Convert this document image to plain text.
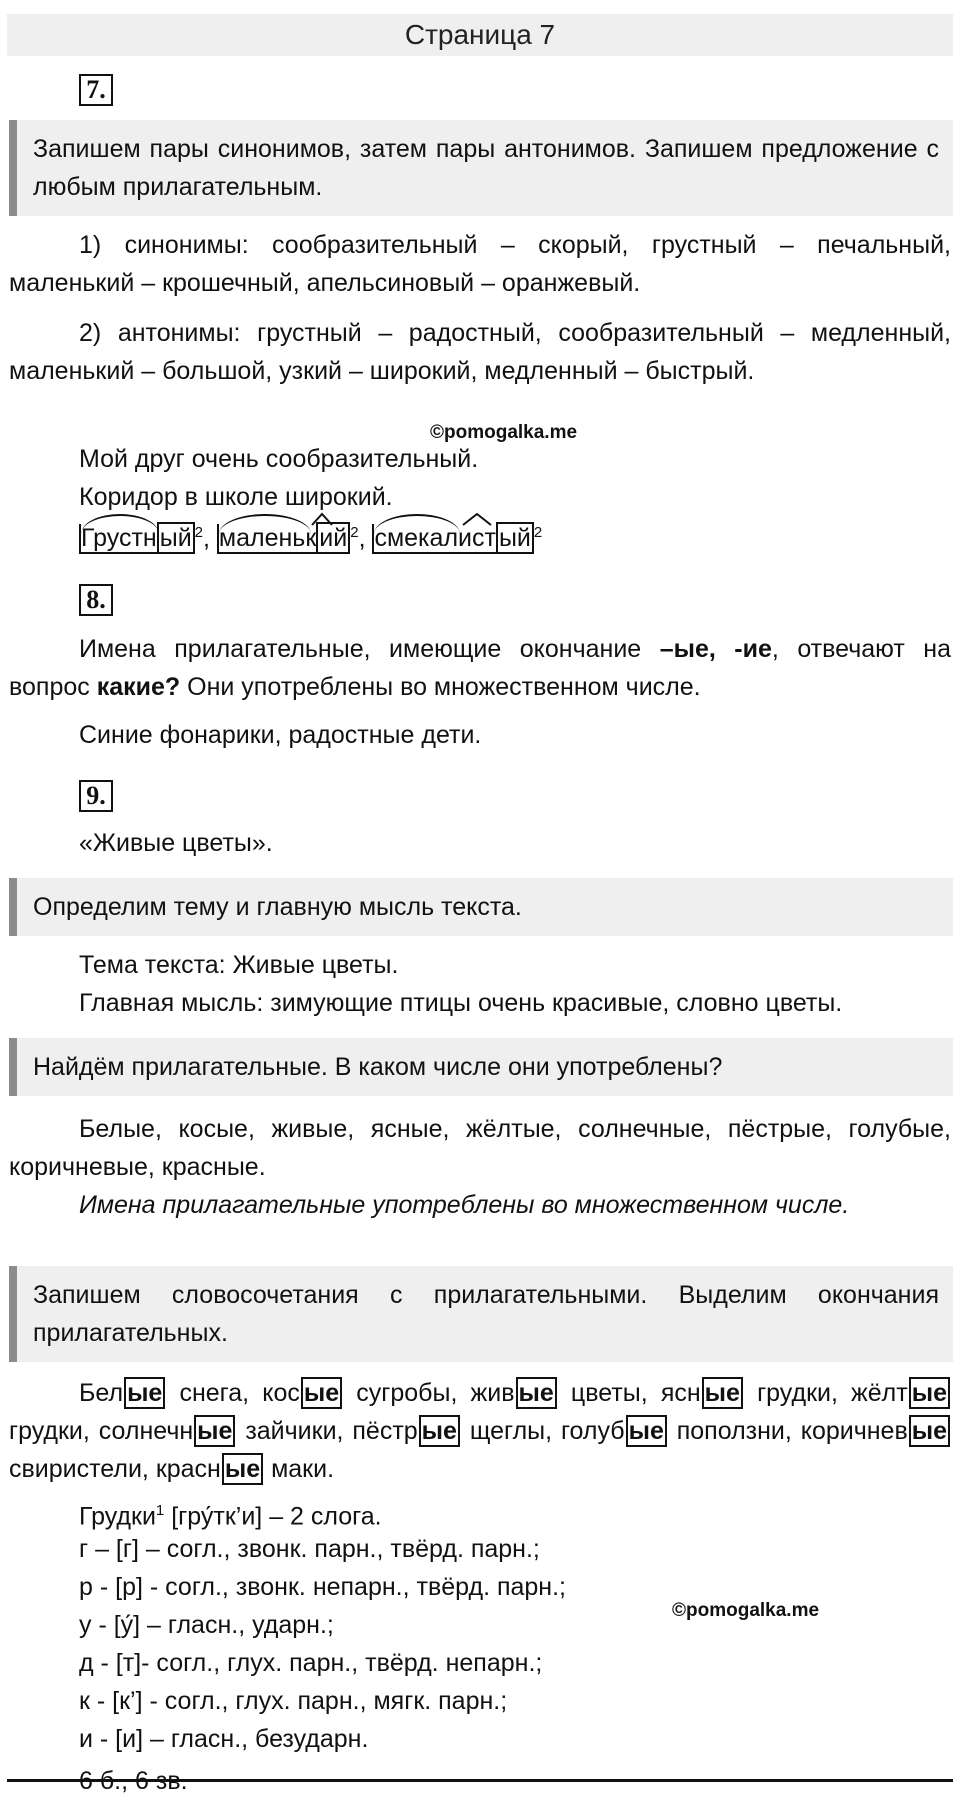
Страница 7
7 .
Запишем пары синонимов, затем пары антонимов. Запишем предложение с любым прилагательным.
1) синонимы: сообразительный – скорый, грустный – печальный, маленький – крошечный, апельсиновый – оранжевый.
2) антонимы: грустный – радостный, сообразительный – медленный, маленький – большой, узкий – широкий, медленный – быстрый.
©pomogalka.me
Мой друг очень сообразительный.
Коридор в школе широкий.
Грустн ый $^2$, маленьк ий $^2$, смекалист ый $^2$
8 .
Имена прилагательные, имеющие окончание –ые, -ие, отвечают на вопрос какие? Они употреблены во множественном числе.
Синие фонарики, радостные дети.
9 .
«Живые цветы».
Определим тему и главную мысль текста.
Тема текста: Живые цветы.
Главная мысль: зимующие птицы очень красивые, словно цветы.
Найдём прилагательные. В каком числе они употреблены?
Белые, косые, живые, ясные, жёлтые, солнечные, пёстрые, голубые, коричневые, красные.
Имена прилагательные употреблены во множественном числе.
Запишем словосочетания с прилагательными. Выделим окончания прилагательных.
Бел ые снега, кос ые сугробы, жив ые цветы, ясн ые грудки, жёлт ые грудки, солнечн ые зайчики, пёстр ые щеглы, голуб ые поползни, коричнев ые свиристели, красн ые маки.
Грудки$^1$ [гру́тк’и] – 2 слога.
г – [г] – согл., звонк. парн., твёрд. парн.;
р - [р] - согл., звонк. непарн., твёрд. парн.;
у - [у́] – гласн., ударн.;
д - [т]- согл., глух. парн., твёрд. непарн.;
к - [к’] - согл., глух. парн., мягк. парн.;
и - [и] – гласн., безударн.
©pomogalka.me
6 б., 6 зв.
